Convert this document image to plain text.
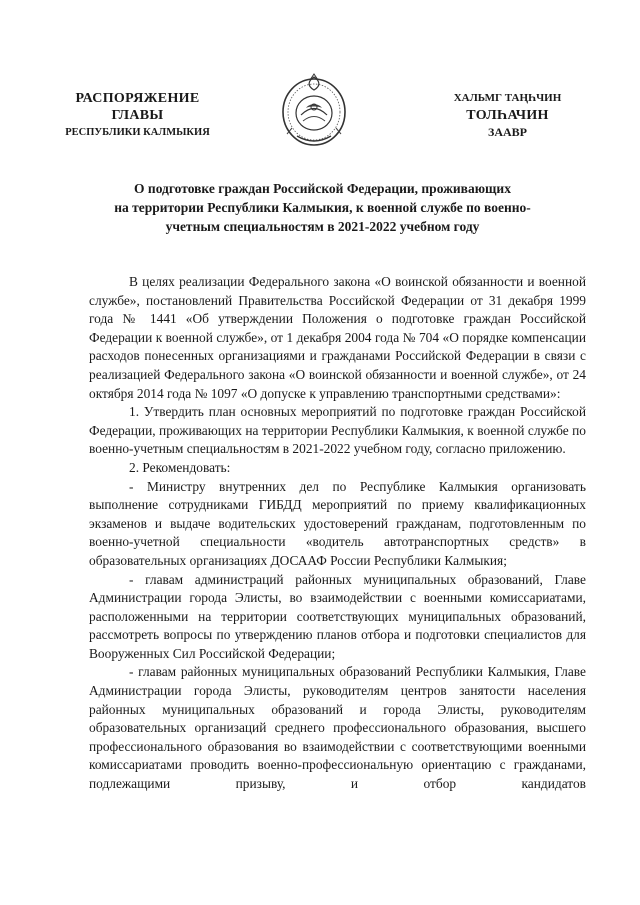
РАСПОРЯЖЕНИЕ
ГЛАВЫ
РЕСПУБЛИКИ КАЛМЫКИЯ
ХАЛЬМГ ТАҢҺЧИН
ТОЛҺАЧИН
ЗААВР
О подготовке граждан Российской Федерации, проживающих
на территории Республики Калмыкия, к военной службе по военно-
учетным специальностям в 2021-2022 учебном году

В целях реализации Федерального закона «О воинской обязанности и военной службе», постановлений Правительства Российской Федерации от 31 декабря 1999 года № 1441 «Об утверждении Положения о подготовке граждан Российской Федерации к военной службе», от 1 декабря 2004 года № 704 «О порядке компенсации расходов понесенных организациями и гражданами Российской Федерации в связи с реализацией Федерального закона «О воинской обязанности и военной службе», от 24 октября 2014 года № 1097 «О допуске к управлению транспортными средствами»:

1. Утвердить план основных мероприятий по подготовке граждан Российской Федерации, проживающих на территории Республики Калмыкия, к военной службе по военно-учетным специальностям в 2021-2022 учебном году, согласно приложению.

2. Рекомендовать:

- Министру внутренних дел по Республике Калмыкия организовать выполнение сотрудниками ГИБДД мероприятий по приему квалификационных экзаменов и выдаче водительских удостоверений гражданам, подготовленным по военно-учетной специальности «водитель автотранспортных средств» в образовательных организациях ДОСААФ России Республики Калмыкия;

- главам администраций районных муниципальных образований, Главе Администрации города Элисты, во взаимодействии с военными комиссариатами, расположенными на территории соответствующих муниципальных образований, рассмотреть вопросы по утверждению планов отбора и подготовки специалистов для Вооруженных Сил Российской Федерации;

- главам районных муниципальных образований Республики Калмыкия, Главе Администрации города Элисты, руководителям центров занятости населения районных муниципальных образований и города Элисты, руководителям образовательных организаций среднего профессионального образования, высшего профессионального образования во взаимодействии с соответствующими военными комиссариатами проводить военно-профессиональную ориентацию с гражданами, подлежащими призыву, и отбор кандидатов
